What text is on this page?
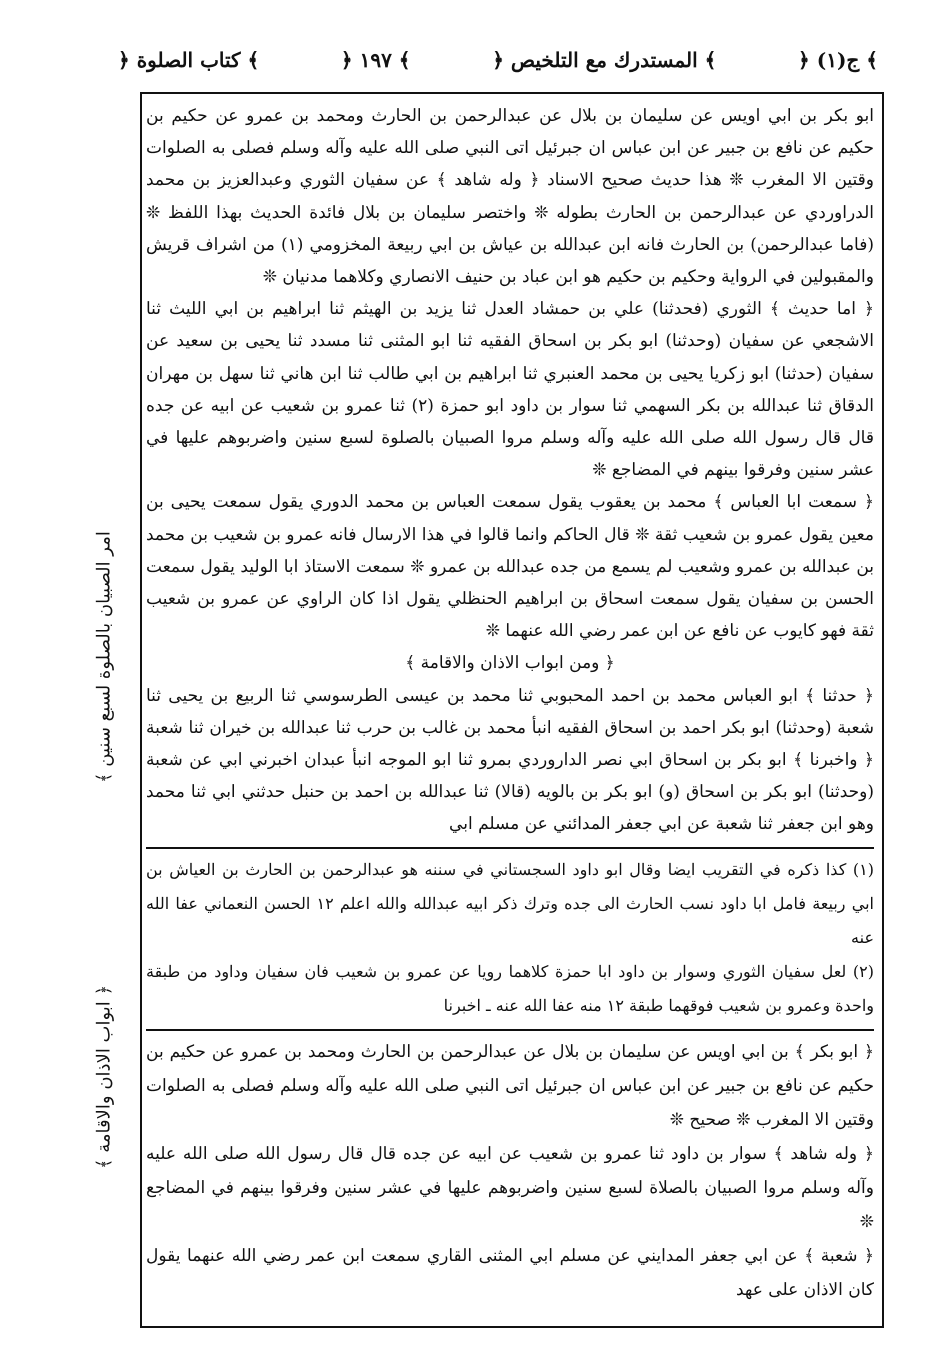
﴿ ج(١) ﴾
﴿ المستدرك مع التلخيص ﴾
﴿ ١٩٧ ﴾
﴿ كتاب الصلوة ﴾

ابو بكر بن ابي اويس عن سليمان بن بلال عن عبدالرحمن بن الحارث ومحمد بن عمرو عن حكيم بن حكيم عن نافع بن جبير عن ابن عباس ان جبرئيل اتى النبي صلى الله عليه وآله وسلم فصلى به الصلوات وقتين الا المغرب ❊ هذا حديث صحيح الاسناد ﴿ وله شاهد ﴾ عن سفيان الثوري وعبدالعزيز بن محمد الدراوردي عن عبدالرحمن بن الحارث بطوله ❊ واختصر سليمان بن بلال فائدة الحديث بهذا اللفظ ❊ (فاما عبدالرحمن) بن الحارث فانه ابن عبدالله بن عياش بن ابي ربيعة المخزومي (١) من اشراف قريش والمقبولين في الرواية وحكيم بن حكيم هو ابن عباد بن حنيف الانصاري وكلاهما مدنيان ❊

﴿ اما حديث ﴾ الثوري (فحدثنا) علي بن حمشاد العدل ثنا يزيد بن الهيثم ثنا ابراهيم بن ابي الليث ثنا الاشجعي عن سفيان (وحدثنا) ابو بكر بن اسحاق الفقيه ثنا ابو المثنى ثنا مسدد ثنا يحيى بن سعيد عن سفيان (حدثنا) ابو زكريا يحيى بن محمد العنبري ثنا ابراهيم بن ابي طالب ثنا ابن هاني ثنا سهل بن مهران الدقاق ثنا عبدالله بن بكر السهمي ثنا سوار بن داود ابو حمزة (٢) ثنا عمرو بن شعيب عن ابيه عن جده قال قال رسول الله صلى الله عليه وآله وسلم مروا الصبيان بالصلوة لسبع سنين واضربوهم عليها في عشر سنين وفرقوا بينهم في المضاجع ❊

﴿ سمعت ابا العباس ﴾ محمد بن يعقوب يقول سمعت العباس بن محمد الدوري يقول سمعت يحيى بن معين يقول عمرو بن شعيب ثقة ❊ قال الحاكم وانما قالوا في هذا الارسال فانه عمرو بن شعيب بن محمد بن عبدالله بن عمرو وشعيب لم يسمع من جده عبدالله بن عمرو ❊ سمعت الاستاذ ابا الوليد يقول سمعت الحسن بن سفيان يقول سمعت اسحاق بن ابراهيم الحنظلي يقول اذا كان الراوي عن عمرو بن شعيب ثقة فهو كايوب عن نافع عن ابن عمر رضي الله عنهما ❊

﴿ ومن ابواب الاذان والاقامة ﴾

﴿ حدثنا ﴾ ابو العباس محمد بن احمد المحبوبي ثنا محمد بن عيسى الطرسوسي ثنا الربيع بن يحيى ثنا شعبة (وحدثنا) ابو بكر احمد بن اسحاق الفقيه انبأ محمد بن غالب بن حرب ثنا عبدالله بن خيران ثنا شعبة ﴿ واخبرنا ﴾ ابو بكر بن اسحاق ابي نصر الداروردي بمرو ثنا ابو الموجه انبأ عبدان اخبرني ابي عن شعبة (وحدثنا) ابو بكر بن اسحاق (و) ابو بكر بن بالويه (قالا) ثنا عبدالله بن احمد بن حنبل حدثني ابي ثنا محمد وهو ابن جعفر ثنا شعبة عن ابي جعفر المدائني عن مسلم ابي

(١) كذا ذكره في التقريب ايضا وقال ابو داود السجستاني في سننه هو عبدالرحمن بن الحارث بن العياش بن ابي ربيعة فامل ابا داود نسب الحارث الى جده وترك ذكر ابيه عبدالله والله اعلم ١٢ الحسن النعماني عفا الله عنه

(٢) لعل سفيان الثوري وسوار بن داود ابا حمزة كلاهما رويا عن عمرو بن شعيب فان سفيان وداود من طبقة واحدة وعمرو بن شعيب فوقهما طبقة ١٢ منه عفا الله عنه ـ اخبرنا

﴿ ابو بكر ﴾ بن ابي اويس عن سليمان بن بلال عن عبدالرحمن بن الحارث ومحمد بن عمرو عن حكيم بن حكيم عن نافع بن جبير عن ابن عباس ان جبرئيل اتى النبي صلى الله عليه وآله وسلم فصلى به الصلوات وقتين الا المغرب ❊ صحيح ❊

﴿ وله شاهد ﴾ سوار بن داود ثنا عمرو بن شعيب عن ابيه عن جده قال قال رسول الله صلى الله عليه وآله وسلم مروا الصبيان بالصلاة لسبع سنين واضربوهم عليها في عشر سنين وفرقوا بينهم في المضاجع ❊

﴿ شعبة ﴾ عن ابي جعفر المدايني عن مسلم ابي المثنى القاري سمعت ابن عمر رضي الله عنهما يقول كان الاذان على عهد

امر الصبيان بالصلوة لسبع سنين ﴾
﴿ ابواب الاذان والاقامة ﴾
